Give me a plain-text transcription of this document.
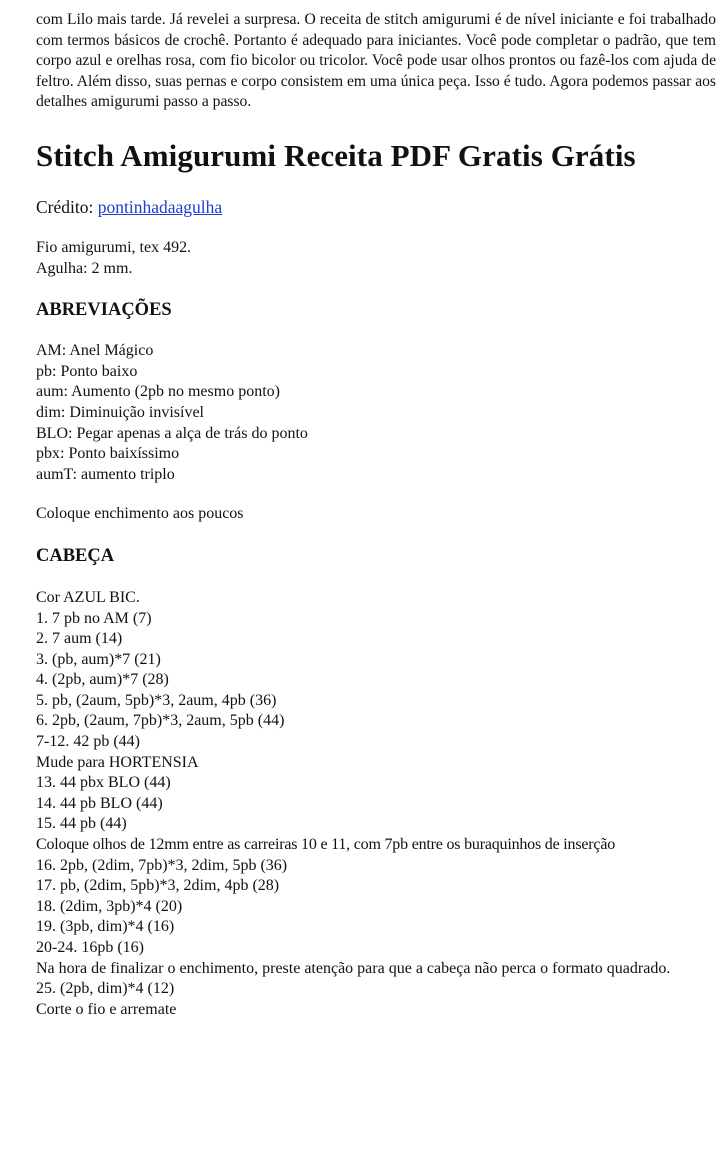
com Lilo mais tarde. Já revelei a surpresa. O receita de stitch amigurumi é de nível iniciante e foi trabalhado com termos básicos de crochê. Portanto é adequado para iniciantes. Você pode completar o padrão, que tem corpo azul e orelhas rosa, com fio bicolor ou tricolor. Você pode usar olhos prontos ou fazê-los com ajuda de feltro. Além disso, suas pernas e corpo consistem em uma única peça. Isso é tudo. Agora podemos passar aos detalhes amigurumi passo a passo.

Stitch Amigurumi Receita PDF Gratis Grátis

Crédito: pontinhadaagulha

Fio amigurumi, tex 492.
Agulha: 2 mm.
ABREVIAÇÕES
AM: Anel Mágico
pb: Ponto baixo
aum: Aumento (2pb no mesmo ponto)
dim: Diminuição invisível
BLO: Pegar apenas a alça de trás do ponto
pbx: Ponto baixíssimo
aumT: aumento triplo

Coloque enchimento aos poucos

CABEÇA
Cor AZUL BIC.
1. 7 pb no AM (7)
2. 7 aum (14)
3. (pb, aum)*7 (21)
4. (2pb, aum)*7 (28)
5. pb, (2aum, 5pb)*3, 2aum, 4pb (36)
6. 2pb, (2aum, 7pb)*3, 2aum, 5pb (44)
7-12. 42 pb (44)
Mude para HORTENSIA
13. 44 pbx BLO (44)
14. 44 pb BLO (44)
15. 44 pb (44)
Coloque olhos de 12mm entre as carreiras 10 e 11, com 7pb entre os buraquinhos de inserção
16. 2pb, (2dim, 7pb)*3, 2dim, 5pb (36)
17. pb, (2dim, 5pb)*3, 2dim, 4pb (28)
18. (2dim, 3pb)*4 (20)
19. (3pb, dim)*4 (16)
20-24. 16pb (16)
Na hora de finalizar o enchimento, preste atenção para que a cabeça não perca o formato quadrado.
25. (2pb, dim)*4 (12)
Corte o fio e arremate
